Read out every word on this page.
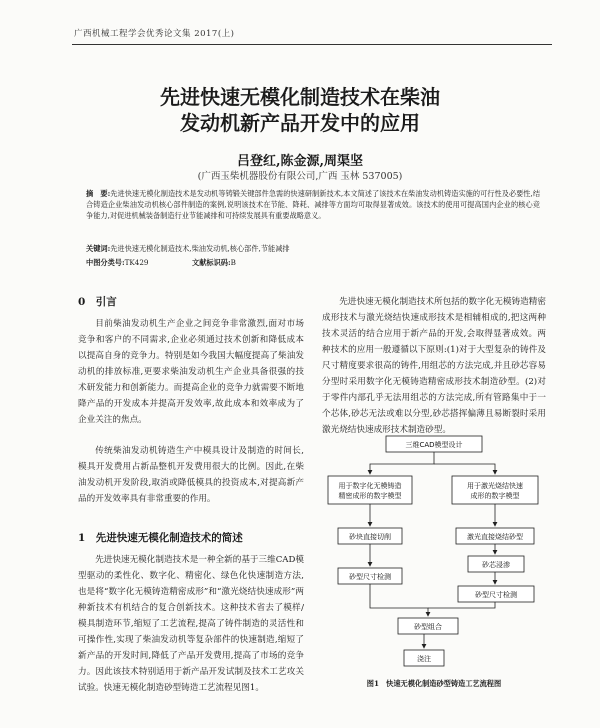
广西机械工程学会优秀论文集 2017(上)
先进快速无模化制造技术在柴油
发动机新产品开发中的应用
吕登红,陈金源,周渠坚
(广西玉柴机器股份有限公司,广西 玉林 537005)
摘　要:先进快速无模化制造技术是发动机等铸锻关键部件急需的快速研制新技术,本文简述了该技术在柴油发动机铸造实施的可行性及必要性,结合铸造企业柴油发动机核心部件制造的案例,说明该技术在节能、降耗、减排等方面均可取得显著成效。该技术的使用可提高国内企业的核心竞争能力,对促进机械装备制造行业节能减排和可持续发展具有重要战略意义。
关键词:先进快速无模化制造技术,柴油发动机,核心部件,节能减排
中图分类号:TK429	文献标识码:B
0　引言
目前柴油发动机生产企业之间竞争非常激烈,面对市场竞争和客户的不同需求,企业必须通过技术创新和降低成本以提高自身的竞争力。特别是如今我国大幅度提高了柴油发动机的排放标准,更要求柴油发动机生产企业具备很强的技术研发能力和创新能力。而提高企业的竞争力就需要不断地降产品的开发成本并提高开发效率,故此成本和效率成为了企业关注的焦点。
传统柴油发动机铸造生产中模具设计及制造的时间长,模具开发费用占新品整机开发费用很大的比例。因此,在柴油发动机开发阶段,取消或降低模具的投资成本,对提高新产品的开发效率具有非常重要的作用。
1　先进快速无模化制造技术的简述
先进快速无模化制造技术是一种全新的基于三维CAD模型驱动的柔性化、数字化、精密化、绿色化快速制造方法,也是将“数字化无模铸造精密成形”和“激光烧结快速成形”两种新技术有机结合的复合创新技术。这种技术省去了模样/模具制造环节,缩短了工艺流程,提高了铸件制造的灵活性和可操作性,实现了柴油发动机等复杂部件的快速制造,缩短了新产品的开发时间,降低了产品开发费用,提高了市场的竞争力。因此该技术特别适用于新产品开发试制及技术工艺攻关试验。快速无模化制造砂型铸造工艺流程见图1。
先进快速无模化制造技术所包括的数字化无模铸造精密成形技术与激光烧结快速成形技术是相辅相成的,把这两种技术灵活的结合应用于新产品的开发,会取得显著成效。两种技术的应用一般遵循以下原则:(1)对于大型复杂的铸件及尺寸精度要求很高的铸件,用组芯的方法完成,并且砂芯容易分型时采用数字化无模铸造精密成形技术制造砂型。(2)对于零件内部孔乎无法用组芯的方法完成,所有管路集中于一个芯体,砂芯无法或难以分型,砂芯搭挥偏薄且易断裂时采用激光烧结快速成形技术制造砂型。
三维CAD模型设计
用于数字化无模铸造
精密成形的数字模型
用于激光烧结快速
成形的数字模型
砂块直接切削
砂型尺寸检测
激光直接烧结砂型
砂芯浸渗
砂型尺寸检测
砂型组合
浇注
图1　快速无模化制造砂型铸造工艺流程图
